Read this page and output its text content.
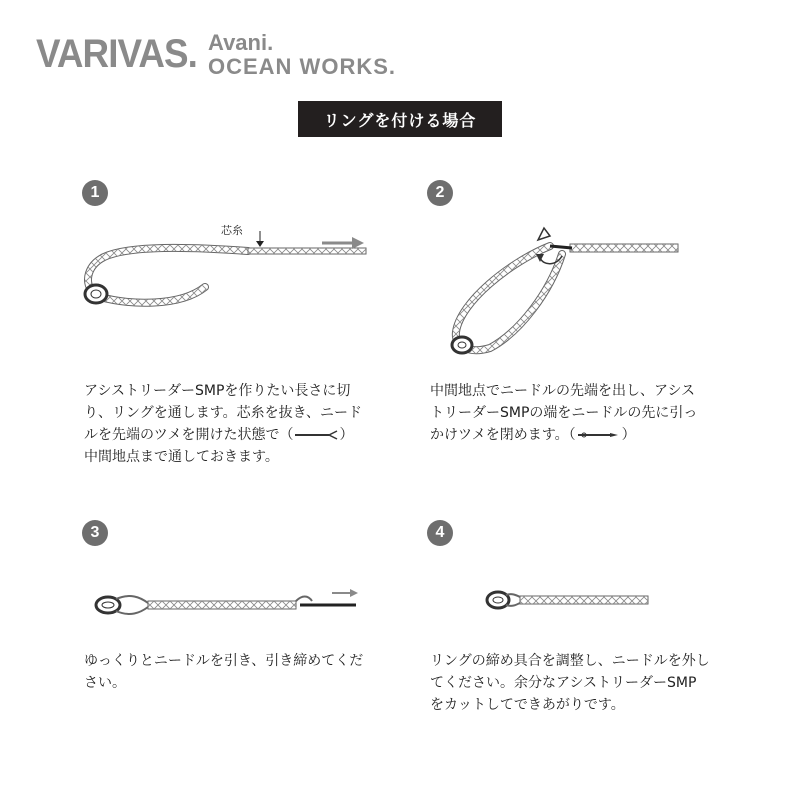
VARIVAS. Avani.
OCEAN WORKS.
リングを付ける場合
1
芯糸
アシストリーダーSMPを作りたい長さに切
り、リングを通します。芯糸を抜き、ニード
ルを先端のツメを開けた状態で（	）
中間地点まで通しておきます。
2
中間地点でニードルの先端を出し、アシス
トリーダーSMPの端をニードルの先に引っ
かけツメを閉めます。（	）
3
ゆっくりとニードルを引き、引き締めてくだ
さい。
4
リングの締め具合を調整し、ニードルを外し
てください。余分なアシストリーダーSMP
をカットしてできあがりです。
